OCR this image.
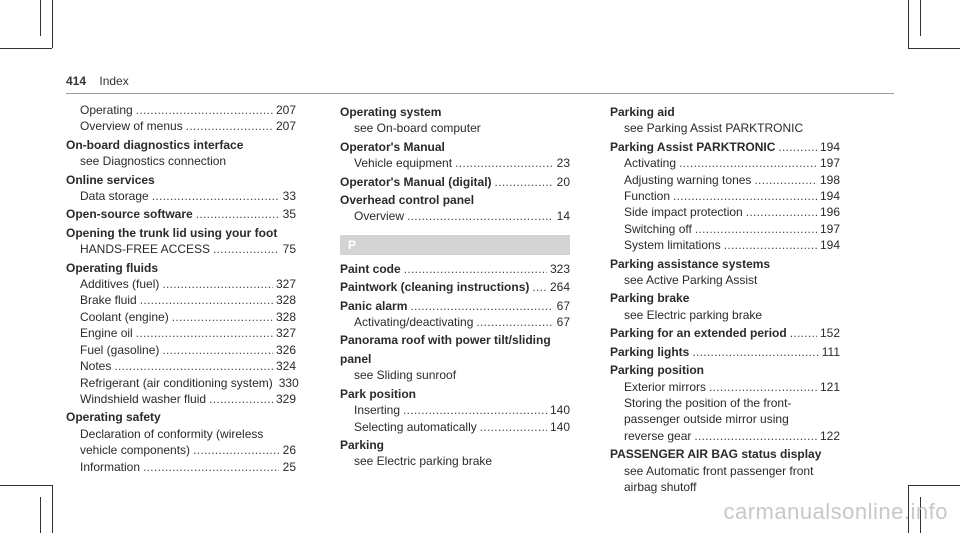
414 Index
Operating .....	207
Overview of menus .....	207
On-board diagnostics interface
see Diagnostics connection
Online services
Data storage .....	33
Open-source software .....	35
Opening the trunk lid using your foot
HANDS-FREE ACCESS .....	75
Operating fluids
Additives (fuel) .....	327
Brake fluid .....	328
Coolant (engine) .....	328
Engine oil .....	327
Fuel (gasoline) .....	326
Notes .....	324
Refrigerant (air conditioning system) 330
Windshield washer fluid .....	329
Operating safety
Declaration of conformity (wireless
vehicle components) .....	26
Information .....	25
Operating system
see On-board computer
Operator's Manual
Vehicle equipment .....	23
Operator's Manual (digital) .....	20
Overhead control panel
Overview .....	14
P
Paint code .....	323
Paintwork (cleaning instructions) ..... 264
Panic alarm .....	67
Activating/deactivating .....	67
Panorama roof with power tilt/sliding
panel
see Sliding sunroof
Park position
Inserting .....	140
Selecting automatically .....	140
Parking
see Electric parking brake
Parking aid
see Parking Assist PARKTRONIC
Parking Assist PARKTRONIC .....	194
Activating .....	197
Adjusting warning tones .....	198
Function .....	194
Side impact protection .....	196
Switching off .....	197
System limitations .....	194
Parking assistance systems
see Active Parking Assist
Parking brake
see Electric parking brake
Parking for an extended period .....	152
Parking lights .....	111
Parking position
Exterior mirrors .....	121
Storing the position of the front-
passenger outside mirror using
reverse gear .....	122
PASSENGER AIR BAG status display
see Automatic front passenger front
airbag shutoff
carmanualsonline.info
